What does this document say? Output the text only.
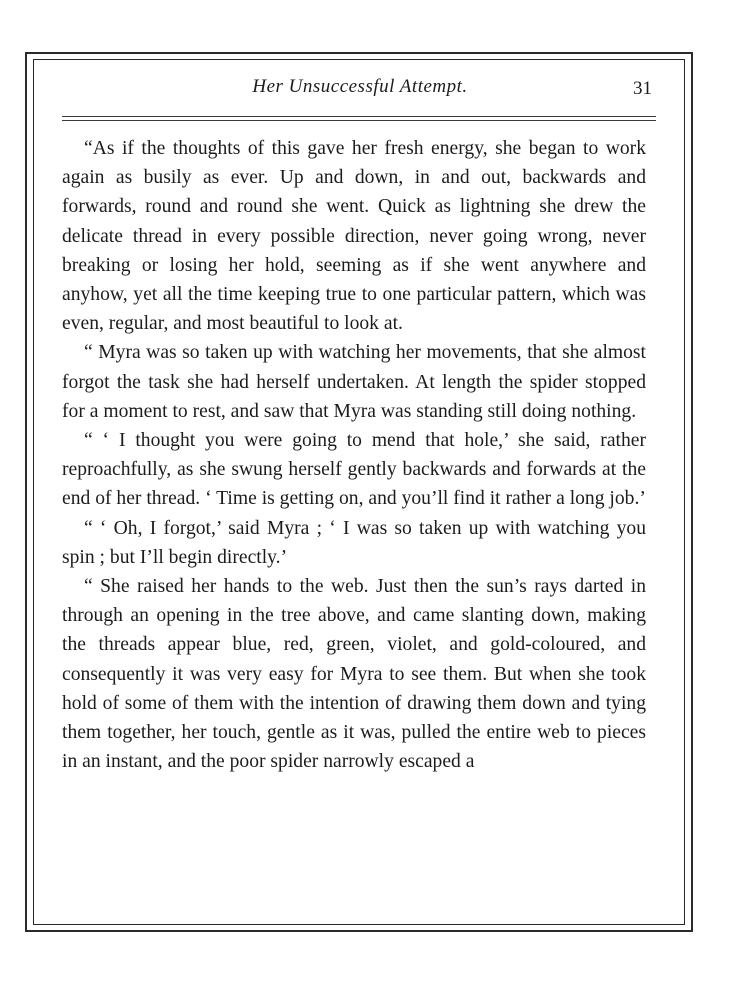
Her Unsuccessful Attempt.	31

“As if the thoughts of this gave her fresh energy, she began to work again as busily as ever. Up and down, in and out, backwards and forwards, round and round she went. Quick as lightning she drew the delicate thread in every possible direction, never going wrong, never breaking or losing her hold, seeming as if she went anywhere and anyhow, yet all the time keeping true to one particular pattern, which was even, regular, and most beautiful to look at.

“ Myra was so taken up with watching her movements, that she almost forgot the task she had herself undertaken. At length the spider stopped for a moment to rest, and saw that Myra was standing still doing nothing.

“ ‘ I thought you were going to mend that hole,’ she said, rather reproachfully, as she swung herself gently backwards and forwards at the end of her thread. ‘ Time is getting on, and you’ll find it rather a long job.’

“ ‘ Oh, I forgot,’ said Myra ; ‘ I was so taken up with watching you spin ; but I’ll begin directly.’

“ She raised her hands to the web. Just then the sun’s rays darted in through an opening in the tree above, and came slanting down, making the threads appear blue, red, green, violet, and gold-coloured, and consequently it was very easy for Myra to see them. But when she took hold of some of them with the intention of drawing them down and tying them together, her touch, gentle as it was, pulled the entire web to pieces in an instant, and the poor spider narrowly escaped a
